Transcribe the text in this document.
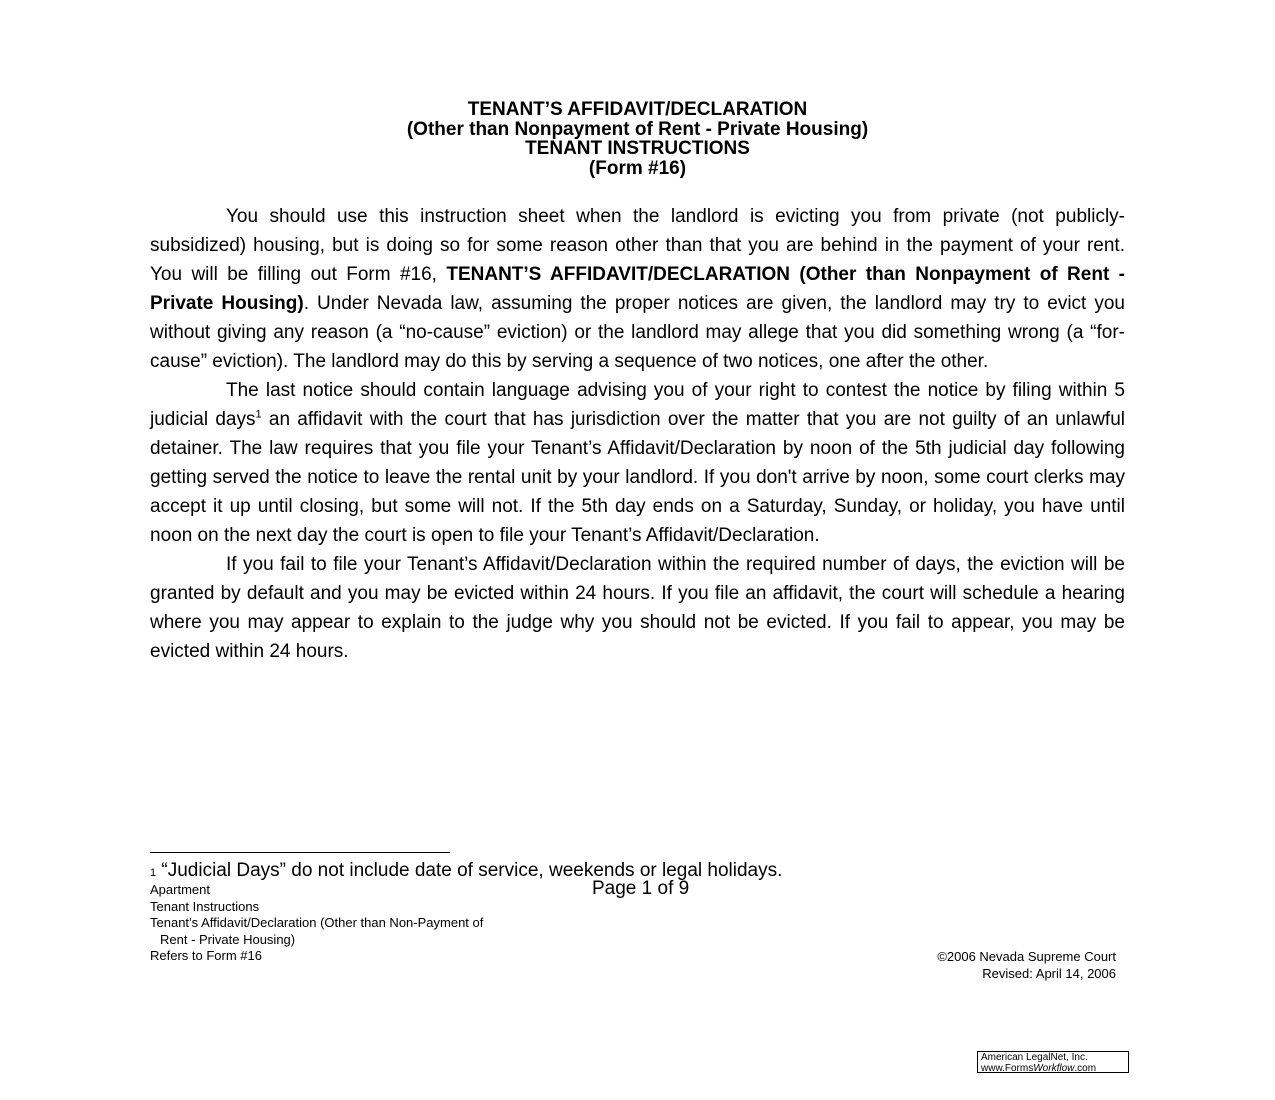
TENANT’S AFFIDAVIT/DECLARATION
(Other than Nonpayment of Rent - Private Housing)
TENANT INSTRUCTIONS
(Form #16)

You should use this instruction sheet when the landlord is evicting you from private (not publicly-subsidized) housing, but is doing so for some reason other than that you are behind in the payment of your rent. You will be filling out Form #16, TENANT’S AFFIDAVIT/DECLARATION (Other than Nonpayment of Rent - Private Housing). Under Nevada law, assuming the proper notices are given, the landlord may try to evict you without giving any reason (a “no-cause” eviction) or the landlord may allege that you did something wrong (a “for-cause” eviction). The landlord may do this by serving a sequence of two notices, one after the other.

The last notice should contain language advising you of your right to contest the notice by filing within 5 judicial days$^1$ an affidavit with the court that has jurisdiction over the matter that you are not guilty of an unlawful detainer. The law requires that you file your Tenant’s Affidavit/Declaration by noon of the 5th judicial day following getting served the notice to leave the rental unit by your landlord. If you don't arrive by noon, some court clerks may accept it up until closing, but some will not. If the 5th day ends on a Saturday, Sunday, or holiday, you have until noon on the next day the court is open to file your Tenant’s Affidavit/Declaration.

If you fail to file your Tenant’s Affidavit/Declaration within the required number of days, the eviction will be granted by default and you may be evicted within 24 hours. If you file an affidavit, the court will schedule a hearing where you may appear to explain to the judge why you should not be evicted. If you fail to appear, you may be evicted within 24 hours.

$^1$ “Judicial Days” do not include date of service, weekends or legal holidays.
Page 1 of 9
Apartment
Tenant Instructions
Tenant’s Affidavit/Declaration (Other than Non-Payment of
Rent - Private Housing)
Refers to Form #16	©2006 Nevada Supreme Court
Revised: April 14, 2006
American LegalNet, Inc.
www.FormsWorkflow.com
